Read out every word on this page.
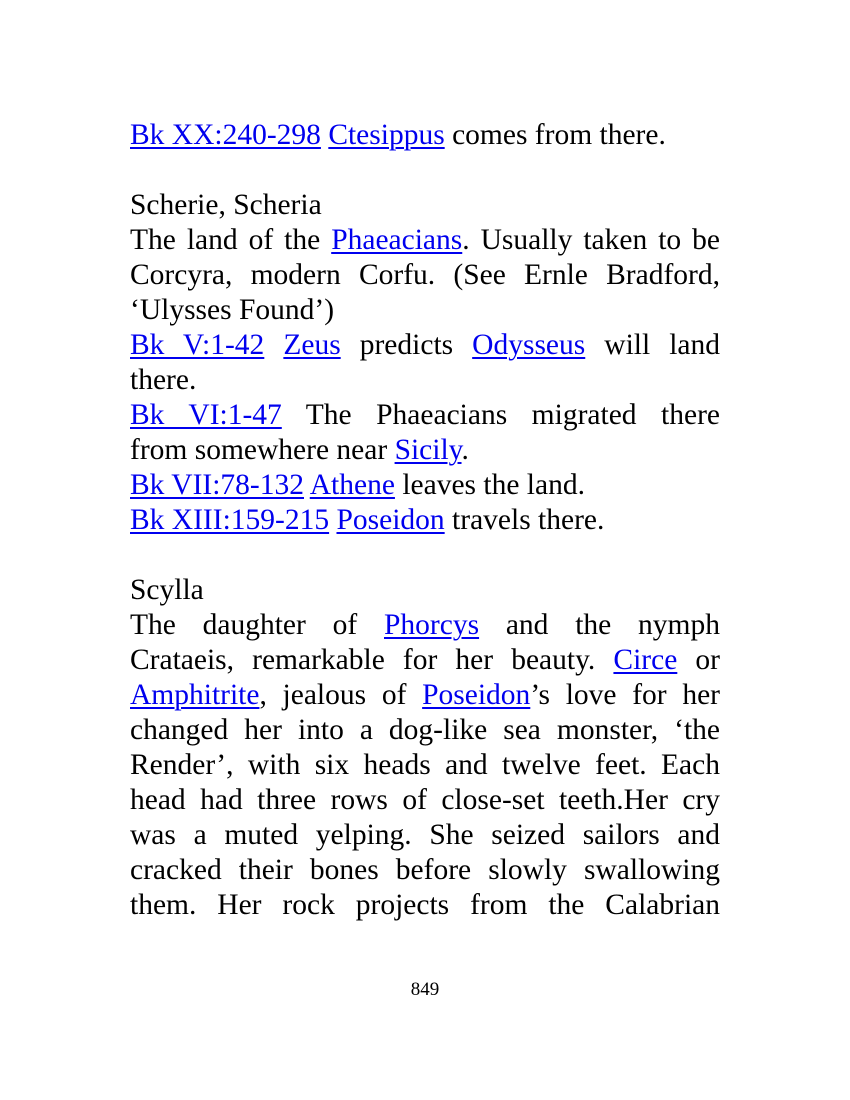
Bk XX:240-298 Ctesippus comes from there.
Scherie, Scheria
The land of the Phaeacians. Usually taken to be
Corcyra, modern Corfu. (See Ernle Bradford,
‘Ulysses Found’)
Bk V:1-42 Zeus predicts Odysseus will land
there.
Bk VI:1-47 The Phaeacians migrated there
from somewhere near Sicily.
Bk VII:78-132 Athene leaves the land.
Bk XIII:159-215 Poseidon travels there.
Scylla
The daughter of Phorcys and the nymph
Crataeis, remarkable for her beauty. Circe or
Amphitrite, jealous of Poseidon’s love for her
changed her into a dog-like sea monster, ‘the
Render’, with six heads and twelve feet. Each
head had three rows of close-set teeth.Her cry
was a muted yelping. She seized sailors and
cracked their bones before slowly swallowing
them. Her rock projects from the Calabrian
849
